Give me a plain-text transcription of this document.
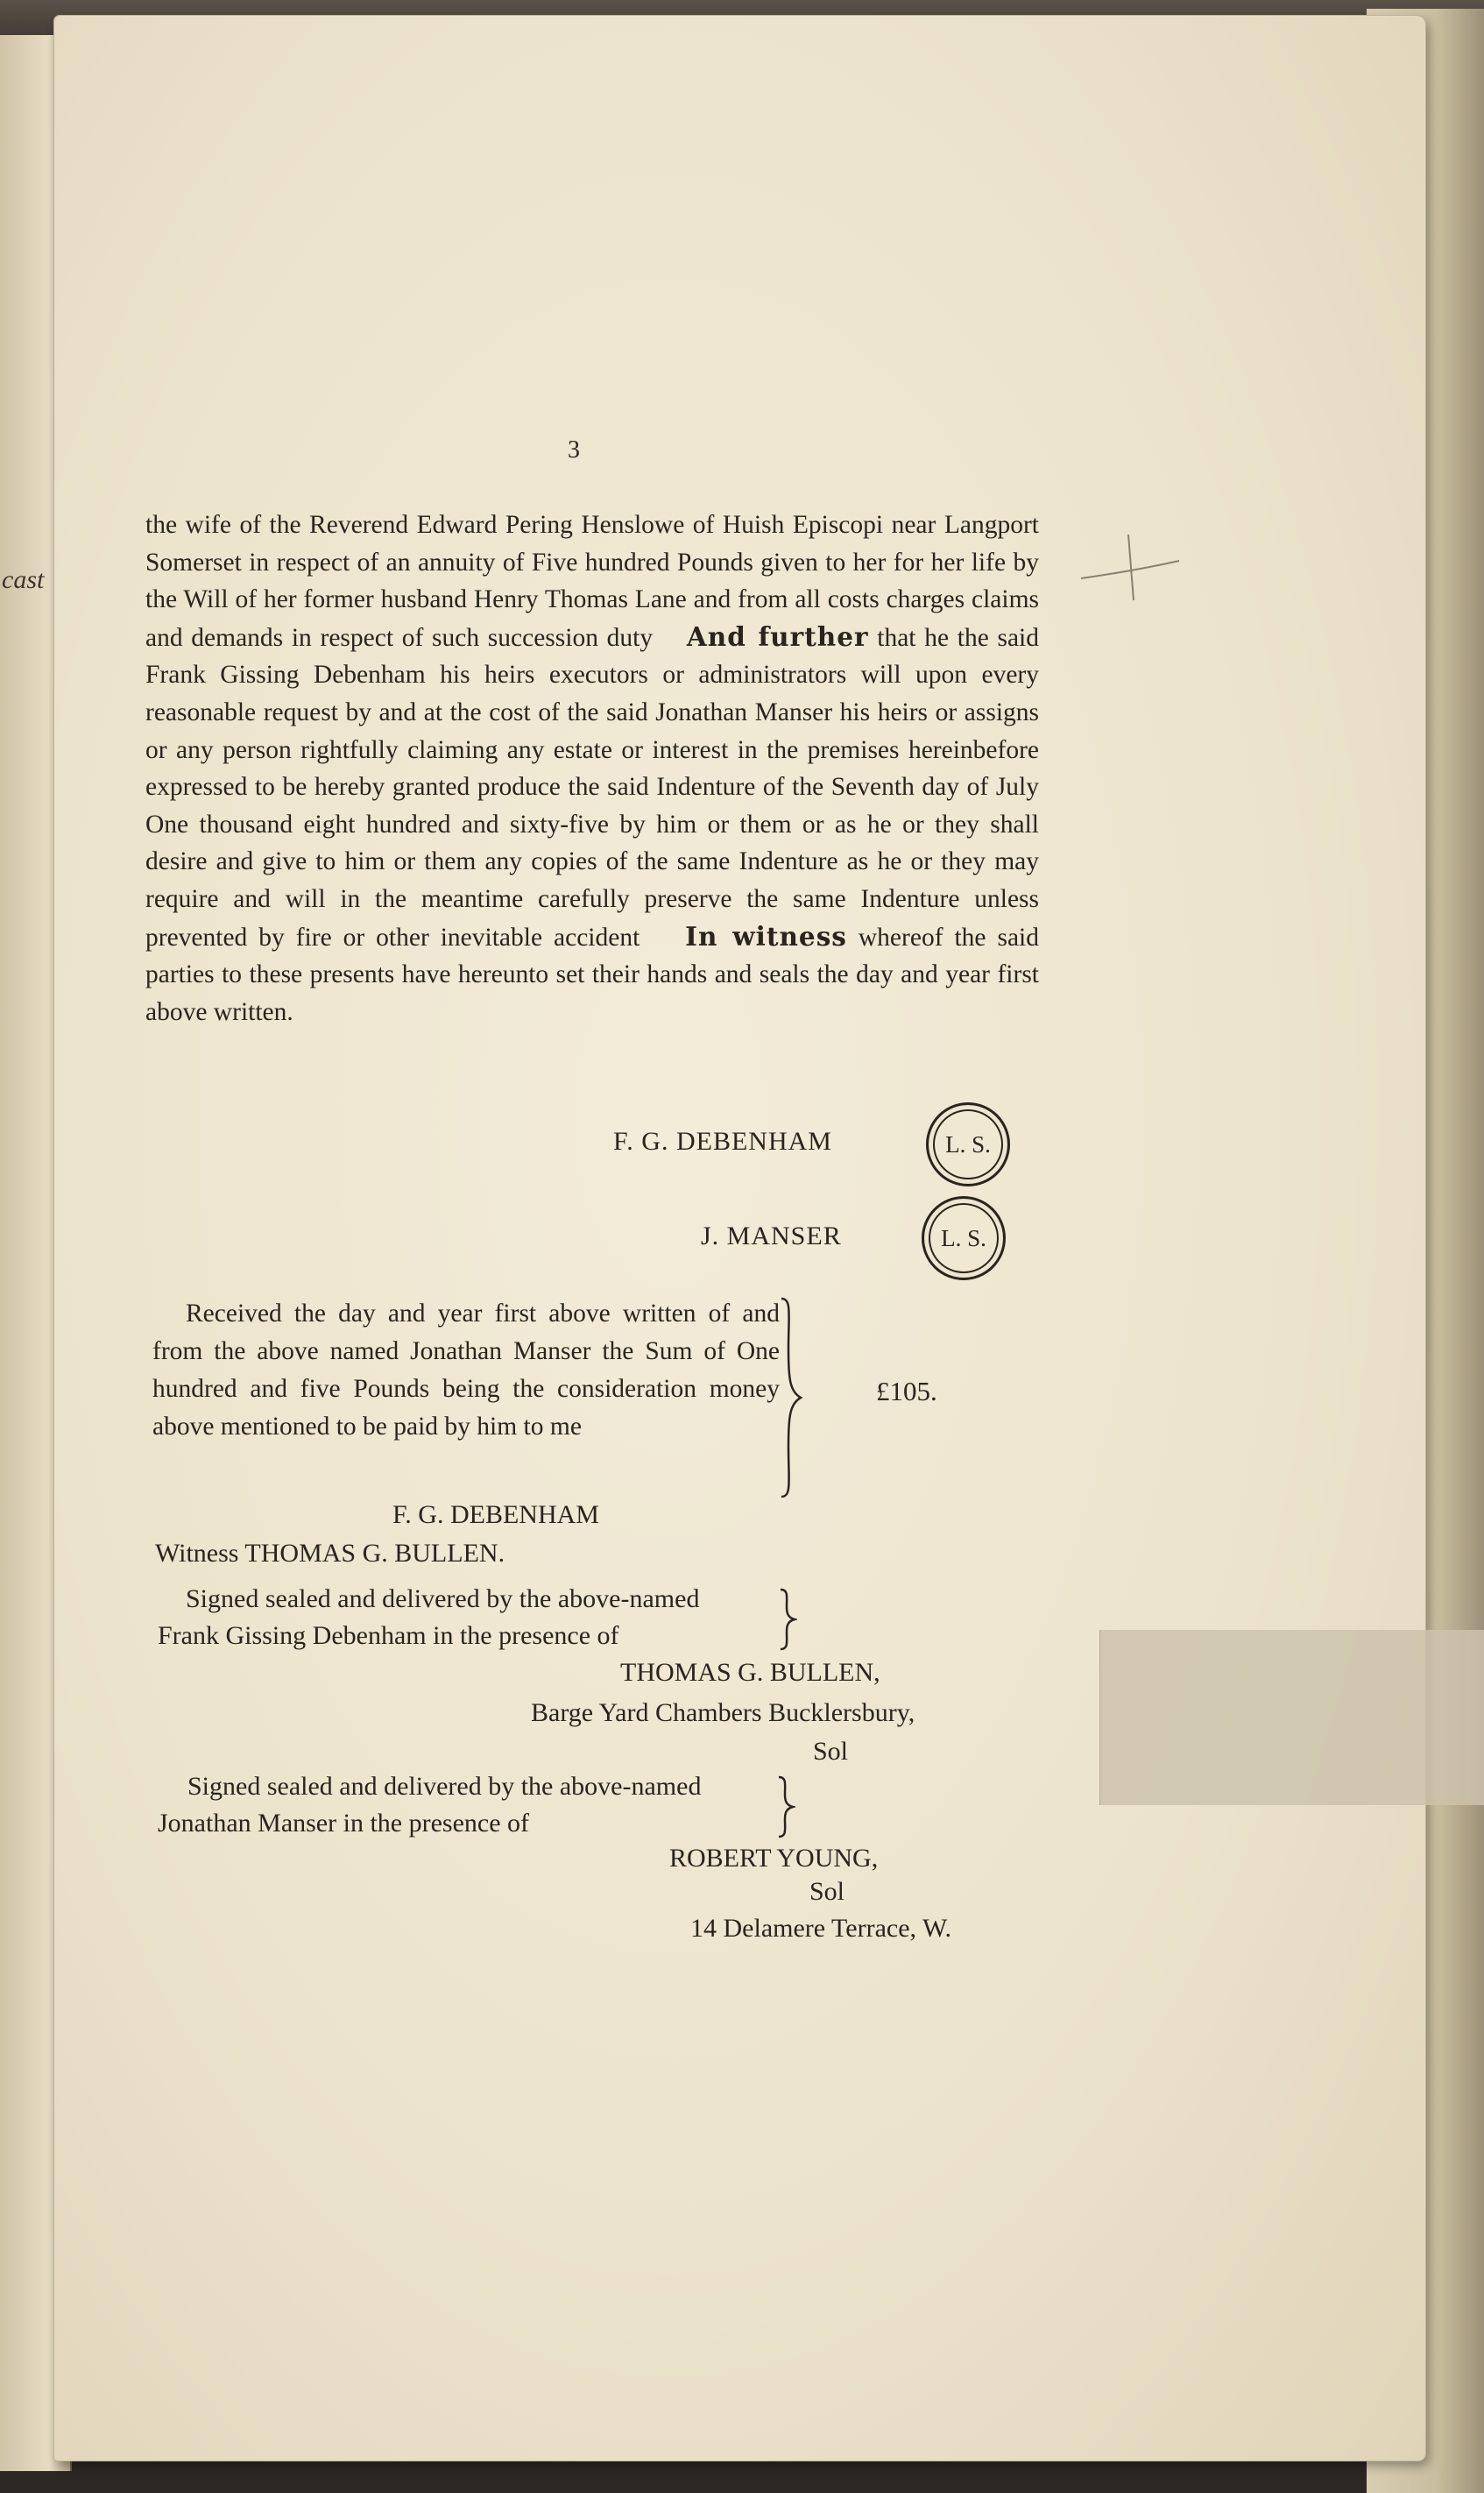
cast

3

the wife of the Reverend Edward Pering Henslowe of Huish Episcopi near Langport Somerset in respect of an annuity of Five hundred Pounds given to her for her life by the Will of her former husband Henry Thomas Lane and from all costs charges claims and demands in respect of such succession duty And further that he the said Frank Gissing Debenham his heirs executors or administrators will upon every reasonable request by and at the cost of the said Jonathan Manser his heirs or assigns or any person rightfully claiming any estate or interest in the premises hereinbefore expressed to be hereby granted produce the said Indenture of the Seventh day of July One thousand eight hundred and sixty-five by him or them or as he or they shall desire and give to him or them any copies of the same Indenture as he or they may require and will in the meantime carefully preserve the same Indenture unless prevented by fire or other inevitable accident In witness whereof the said parties to these presents have hereunto set their hands and seals the day and year first above written.

F. G. DEBENHAM	L. S.

J. MANSER	L. S.

Received the day and year first above written of and from the above named Jonathan Manser the Sum of One hundred and five Pounds being the consideration money above mentioned to be paid by him to me

£105.

F. G. DEBENHAM

Witness THOMAS G. BULLEN.

Signed sealed and delivered by the above-named

Frank Gissing Debenham in the presence of

THOMAS G. BULLEN,

Barge Yard Chambers Bucklersbury,

Sol

Signed sealed and delivered by the above-named

Jonathan Manser in the presence of

ROBERT YOUNG,

Sol

14 Delamere Terrace, W.
